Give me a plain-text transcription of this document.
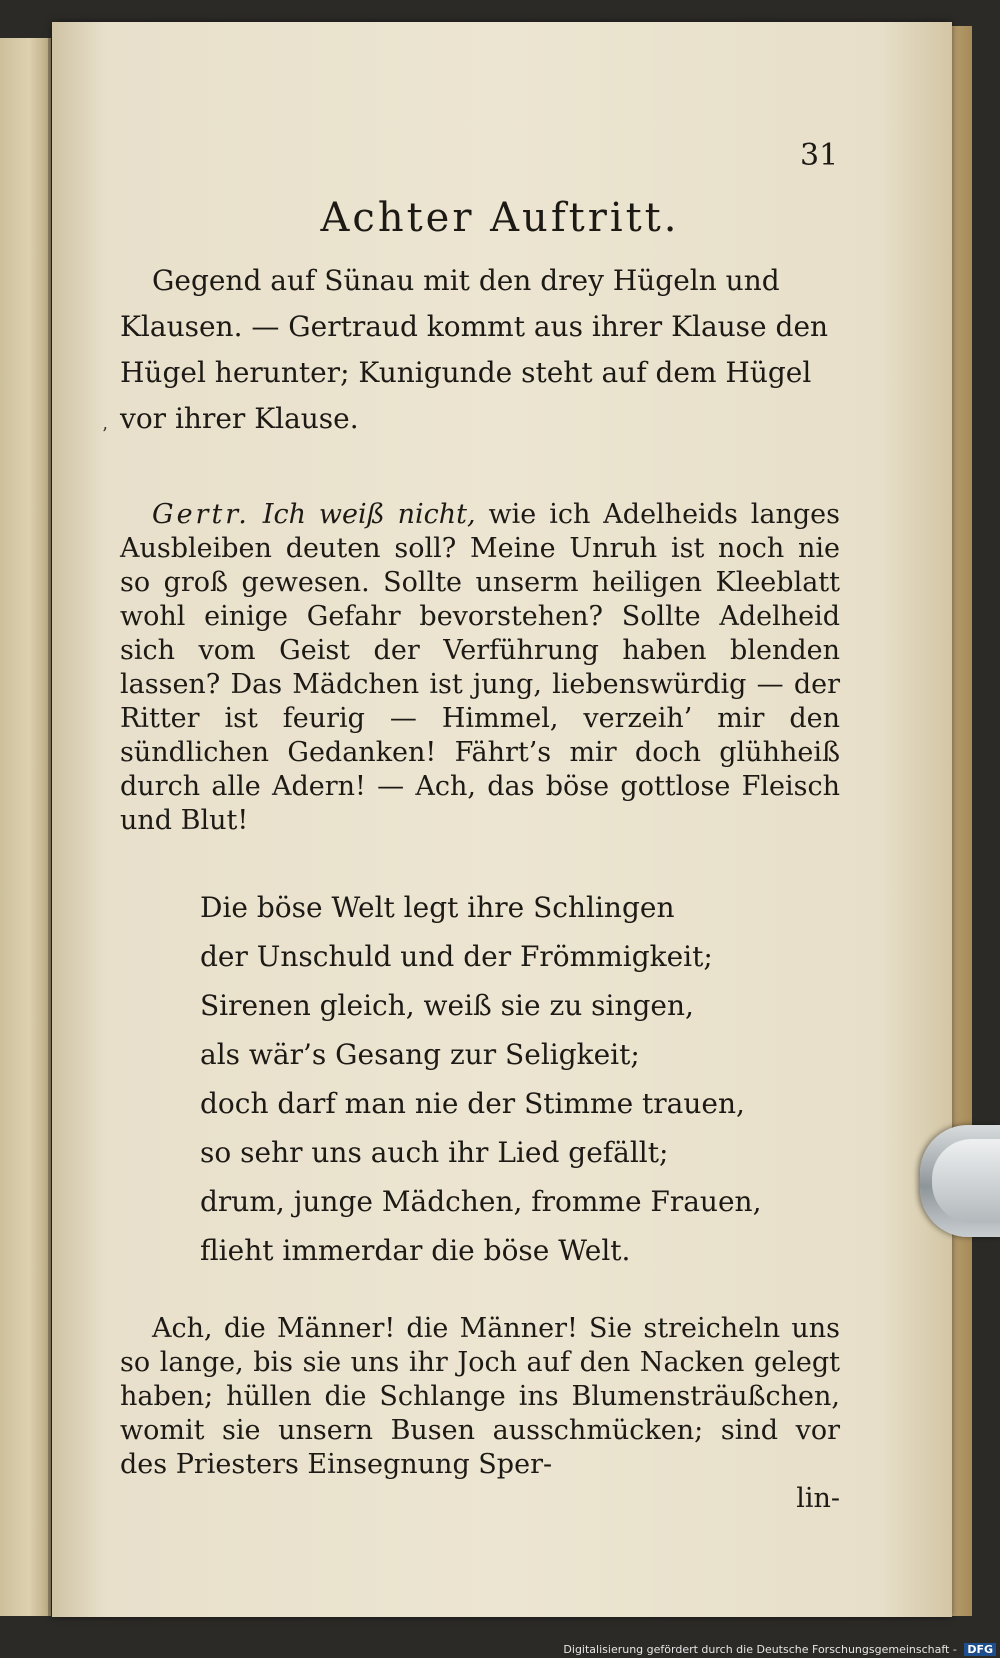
31
Achter Auftritt.
’
Gegend auf Sünau mit den drey Hügeln und Klausen. — Gertraud kommt aus ihrer Klause den Hügel herunter; Kunigunde steht auf dem Hügel vor ihrer Klause.
Gertr. Ich weiß nicht, wie ich Adelheids langes Ausbleiben deuten soll? Meine Unruh ist noch nie so groß gewesen. Sollte unserm heiligen Kleeblatt wohl einige Gefahr bevorstehen? Sollte Adelheid sich vom Geist der Verführung haben blenden lassen? Das Mädchen ist jung, liebenswürdig — der Ritter ist feurig — Himmel, verzeih’ mir den sündlichen Gedanken! Fährt’s mir doch glühheiß durch alle Adern! — Ach, das böse gottlose Fleisch und Blut!
Die böse Welt legt ihre Schlingen
der Unschuld und der Frömmigkeit;
Sirenen gleich, weiß sie zu singen,
als wär’s Gesang zur Seligkeit;
doch darf man nie der Stimme trauen,
so sehr uns auch ihr Lied gefällt;
drum, junge Mädchen, fromme Frauen,
flieht immerdar die böse Welt.
Ach, die Männer! die Männer! Sie streicheln uns so lange, bis sie uns ihr Joch auf den Nacken gelegt haben; hüllen die Schlange ins Blumensträußchen, womit sie unsern Busen ausschmücken; sind vor des Priesters Einsegnung Sper-
lin-
Digitalisierung gefördert durch die Deutsche Forschungsgemeinschaft - DFG
